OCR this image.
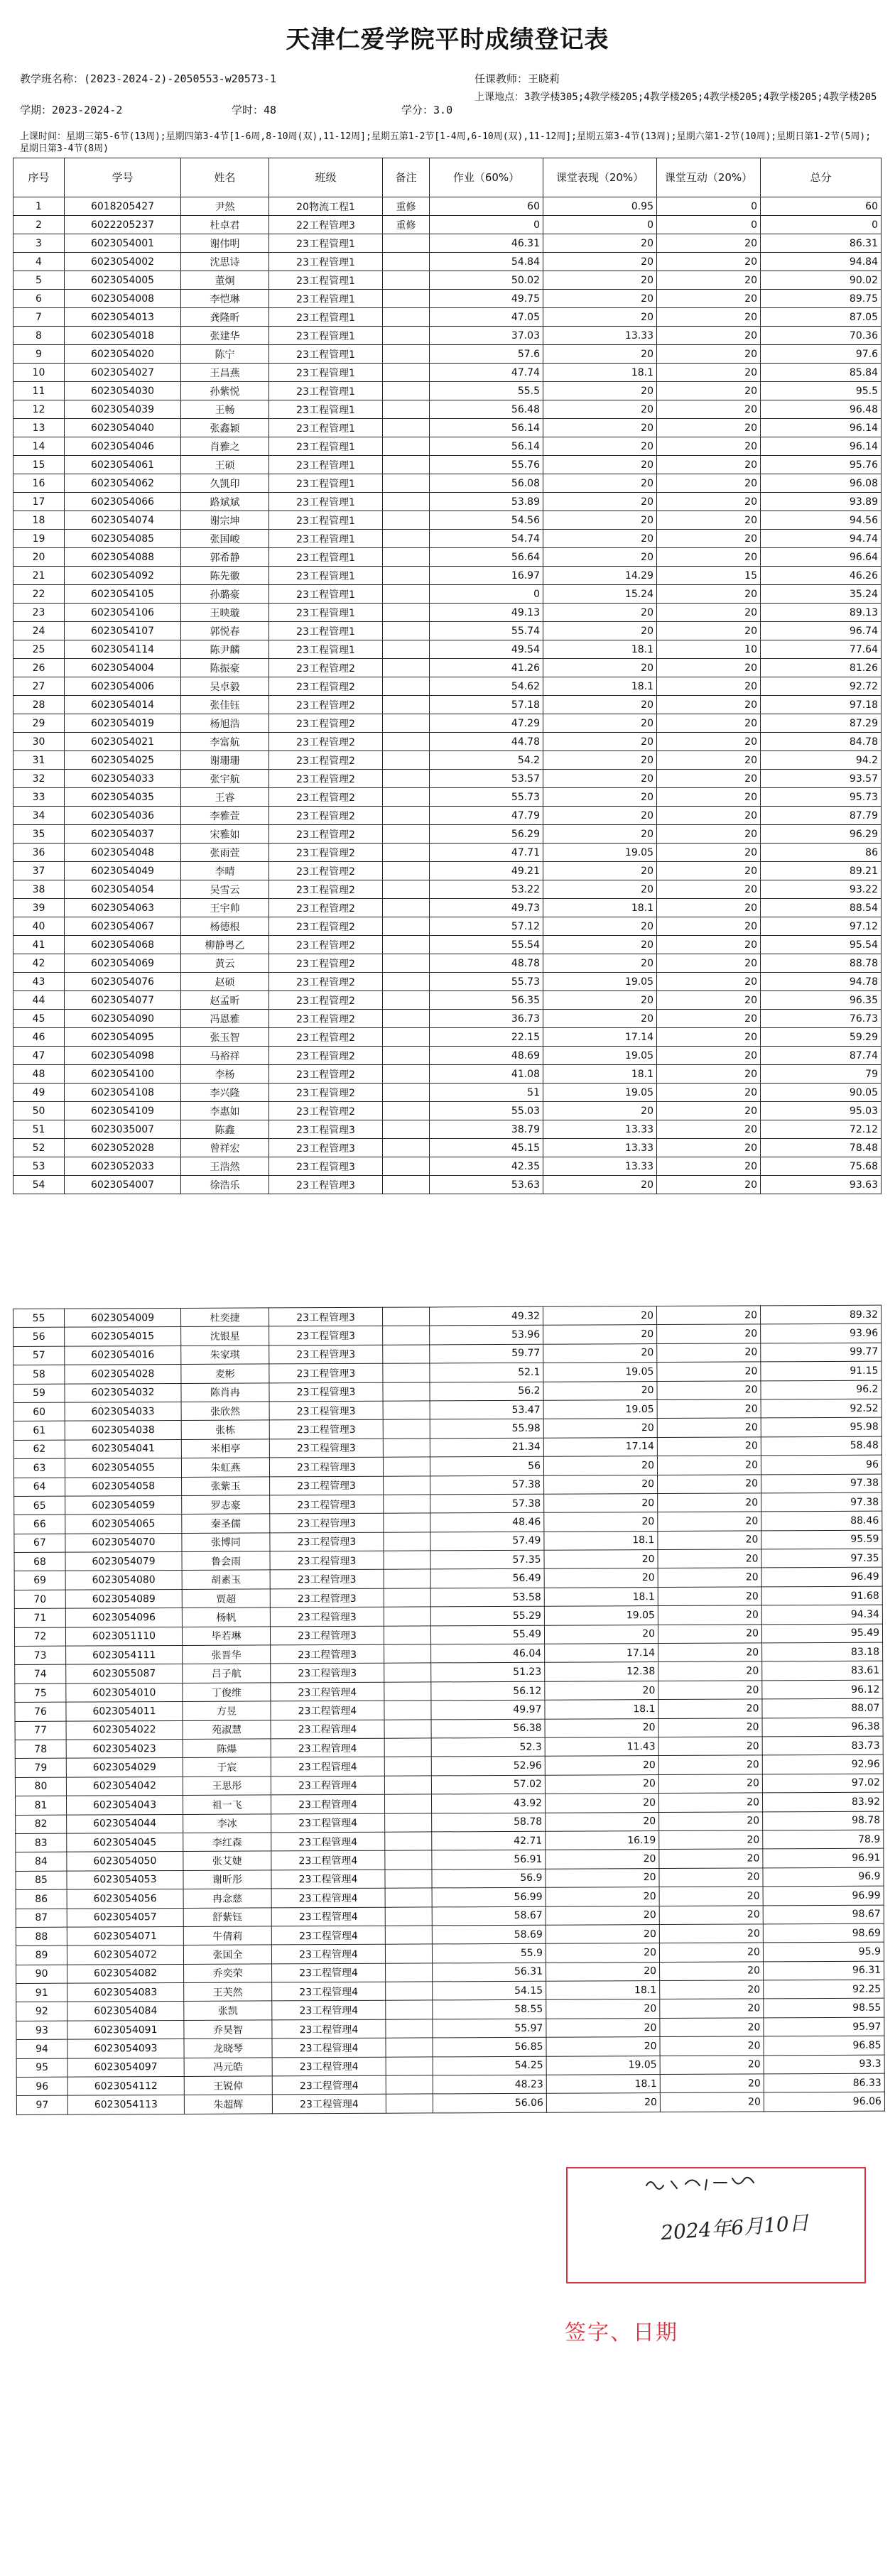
天津仁爱学院平时成绩登记表
教学班名称：(2023-2024-2)-2050553-w20573-1	任课教师：王晓莉
学期：2023-2024-2	学时：48	学分：3.0
上课地点：3教学楼305;4教学楼205;4教学楼205;4教学楼205;4教学楼205;4教学楼205
上课时间：星期三第5-6节(13周);星期四第3-4节[1-6周,8-10周(双),11-12周];星期五第1-2节[1-4周,6-10周(双),11-12周];星期五第3-4节(13周);星期六第1-2节(10周);星期日第1-2节(5周);星期日第3-4节(8周)
序号	学号	姓名	班级	备注	作业（60%）	课堂表现（20%）	课堂互动（20%）	总分
1	6018205427	尹然	20物流工程1	重修	60	0.95	0	60
2	6022205237	杜卓君	22工程管理3	重修	0	0	0	0
3	6023054001	谢伟明	23工程管理1		46.31	20	20	86.31
4	6023054002	沈思诗	23工程管理1		54.84	20	20	94.84
5	6023054005	董炯	23工程管理1		50.02	20	20	90.02
6	6023054008	李恺琳	23工程管理1		49.75	20	20	89.75
7	6023054013	龚隆昕	23工程管理1		47.05	20	20	87.05
8	6023054018	张建华	23工程管理1		37.03	13.33	20	70.36
9	6023054020	陈宁	23工程管理1		57.6	20	20	97.6
10	6023054027	王昌燕	23工程管理1		47.74	18.1	20	85.84
11	6023054030	孙紫悦	23工程管理1		55.5	20	20	95.5
12	6023054039	王畅	23工程管理1		56.48	20	20	96.48
13	6023054040	张鑫颖	23工程管理1		56.14	20	20	96.14
14	6023054046	肖雅之	23工程管理1		56.14	20	20	96.14
15	6023054061	王硕	23工程管理1		55.76	20	20	95.76
16	6023054062	久凯印	23工程管理1		56.08	20	20	96.08
17	6023054066	路斌斌	23工程管理1		53.89	20	20	93.89
18	6023054074	谢宗坤	23工程管理1		54.56	20	20	94.56
19	6023054085	张国峻	23工程管理1		54.74	20	20	94.74
20	6023054088	郭希静	23工程管理1		56.64	20	20	96.64
21	6023054092	陈先徽	23工程管理1		16.97	14.29	15	46.26
22	6023054105	孙璐豪	23工程管理1		0	15.24	20	35.24
23	6023054106	王映璇	23工程管理1		49.13	20	20	89.13
24	6023054107	郭悦春	23工程管理1		55.74	20	20	96.74
25	6023054114	陈尹麟	23工程管理1		49.54	18.1	10	77.64
26	6023054004	陈振豪	23工程管理2		41.26	20	20	81.26
27	6023054006	吴卓毅	23工程管理2		54.62	18.1	20	92.72
28	6023054014	张佳钰	23工程管理2		57.18	20	20	97.18
29	6023054019	杨旭浩	23工程管理2		47.29	20	20	87.29
30	6023054021	李富航	23工程管理2		44.78	20	20	84.78
31	6023054025	谢珊珊	23工程管理2		54.2	20	20	94.2
32	6023054033	张宇航	23工程管理2		53.57	20	20	93.57
33	6023054035	王睿	23工程管理2		55.73	20	20	95.73
34	6023054036	李雅萱	23工程管理2		47.79	20	20	87.79
35	6023054037	宋雅如	23工程管理2		56.29	20	20	96.29
36	6023054048	张雨萱	23工程管理2		47.71	19.05	20	86
37	6023054049	李晴	23工程管理2		49.21	20	20	89.21
38	6023054054	吴雪云	23工程管理2		53.22	20	20	93.22
39	6023054063	王宇帅	23工程管理2		49.73	18.1	20	88.54
40	6023054067	杨德根	23工程管理2		57.12	20	20	97.12
41	6023054068	柳静粤乙	23工程管理2		55.54	20	20	95.54
42	6023054069	黄云	23工程管理2		48.78	20	20	88.78
43	6023054076	赵硕	23工程管理2		55.73	19.05	20	94.78
44	6023054077	赵孟昕	23工程管理2		56.35	20	20	96.35
45	6023054090	冯恩雅	23工程管理2		36.73	20	20	76.73
46	6023054095	张玉智	23工程管理2		22.15	17.14	20	59.29
47	6023054098	马裕祥	23工程管理2		48.69	19.05	20	87.74
48	6023054100	李杨	23工程管理2		41.08	18.1	20	79
49	6023054108	李兴隆	23工程管理2		51	19.05	20	90.05
50	6023054109	李惠如	23工程管理2		55.03	20	20	95.03
51	6023035007	陈鑫	23工程管理3		38.79	13.33	20	72.12
52	6023052028	曾祥宏	23工程管理3		45.15	13.33	20	78.48
53	6023052033	王浩然	23工程管理3		42.35	13.33	20	75.68
54	6023054007	徐浩乐	23工程管理3		53.63	20	20	93.63
55	6023054009	杜奕捷	23工程管理3		49.32	20	20	89.32
56	6023054015	沈银星	23工程管理3		53.96	20	20	93.96
57	6023054016	朱家琪	23工程管理3		59.77	20	20	99.77
58	6023054028	麦彬	23工程管理3		52.1	19.05	20	91.15
59	6023054032	陈肖冉	23工程管理3		56.2	20	20	96.2
60	6023054033	张欣然	23工程管理3		53.47	19.05	20	92.52
61	6023054038	张栋	23工程管理3		55.98	20	20	95.98
62	6023054041	米相亭	23工程管理3		21.34	17.14	20	58.48
63	6023054055	朱虹燕	23工程管理3		56	20	20	96
64	6023054058	张紫玉	23工程管理3		57.38	20	20	97.38
65	6023054059	罗志豪	23工程管理3		57.38	20	20	97.38
66	6023054065	秦圣儒	23工程管理3		48.46	20	20	88.46
67	6023054070	张博同	23工程管理3		57.49	18.1	20	95.59
68	6023054079	鲁会雨	23工程管理3		57.35	20	20	97.35
69	6023054080	胡素玉	23工程管理3		56.49	20	20	96.49
70	6023054089	贾超	23工程管理3		53.58	18.1	20	91.68
71	6023054096	杨帆	23工程管理3		55.29	19.05	20	94.34
72	6023051110	毕若琳	23工程管理3		55.49	20	20	95.49
73	6023054111	张晋华	23工程管理3		46.04	17.14	20	83.18
74	6023055087	吕子航	23工程管理3		51.23	12.38	20	83.61
75	6023054010	丁俊维	23工程管理4		56.12	20	20	96.12
76	6023054011	方昱	23工程管理4		49.97	18.1	20	88.07
77	6023054022	苑淑慧	23工程管理4		56.38	20	20	96.38
78	6023054023	陈爆	23工程管理4		52.3	11.43	20	83.73
79	6023054029	于宸	23工程管理4		52.96	20	20	92.96
80	6023054042	王思彤	23工程管理4		57.02	20	20	97.02
81	6023054043	祖一飞	23工程管理4		43.92	20	20	83.92
82	6023054044	李冰	23工程管理4		58.78	20	20	98.78
83	6023054045	李红森	23工程管理4		42.71	16.19	20	78.9
84	6023054050	张艾婕	23工程管理4		56.91	20	20	96.91
85	6023054053	谢昕彤	23工程管理4		56.9	20	20	96.9
86	6023054056	冉念慈	23工程管理4		56.99	20	20	96.99
87	6023054057	舒紫钰	23工程管理4		58.67	20	20	98.67
88	6023054071	牛倩莉	23工程管理4		58.69	20	20	98.69
89	6023054072	张国全	23工程管理4		55.9	20	20	95.9
90	6023054082	乔奕荣	23工程管理4		56.31	20	20	96.31
91	6023054083	王芙然	23工程管理4		54.15	18.1	20	92.25
92	6023054084	张凯	23工程管理4		58.55	20	20	98.55
93	6023054091	乔昊智	23工程管理4		55.97	20	20	95.97
94	6023054093	龙晓琴	23工程管理4		56.85	20	20	96.85
95	6023054097	冯元皓	23工程管理4		54.25	19.05	20	93.3
96	6023054112	王锐倬	23工程管理4		48.23	18.1	20	86.33
97	6023054113	朱超辉	23工程管理4		56.06	20	20	96.06
2024年6月10日
签字、日期
